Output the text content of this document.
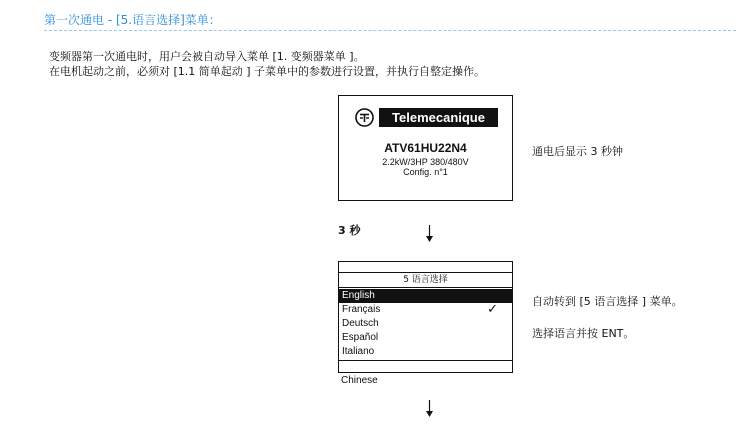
第一次通电 - [5.语言选择]菜单：
变频器第一次通电时，用户会被自动导入菜单 [1. 变频器菜单 ]。
在电机起动之前，必须对 [1.1 简单起动 ] 子菜单中的参数进行设置，并执行自整定操作。
Telemecanique
ATV61HU22N4
2.2kW/3HP 380/480V
Config. n°1
通电后显示 3 秒钟
3 秒
5 语言选择
English
Français	✓
Deutsch
Español
Italiano
Chinese
自动转到 [5 语言选择 ] 菜单。
选择语言并按 ENT。
